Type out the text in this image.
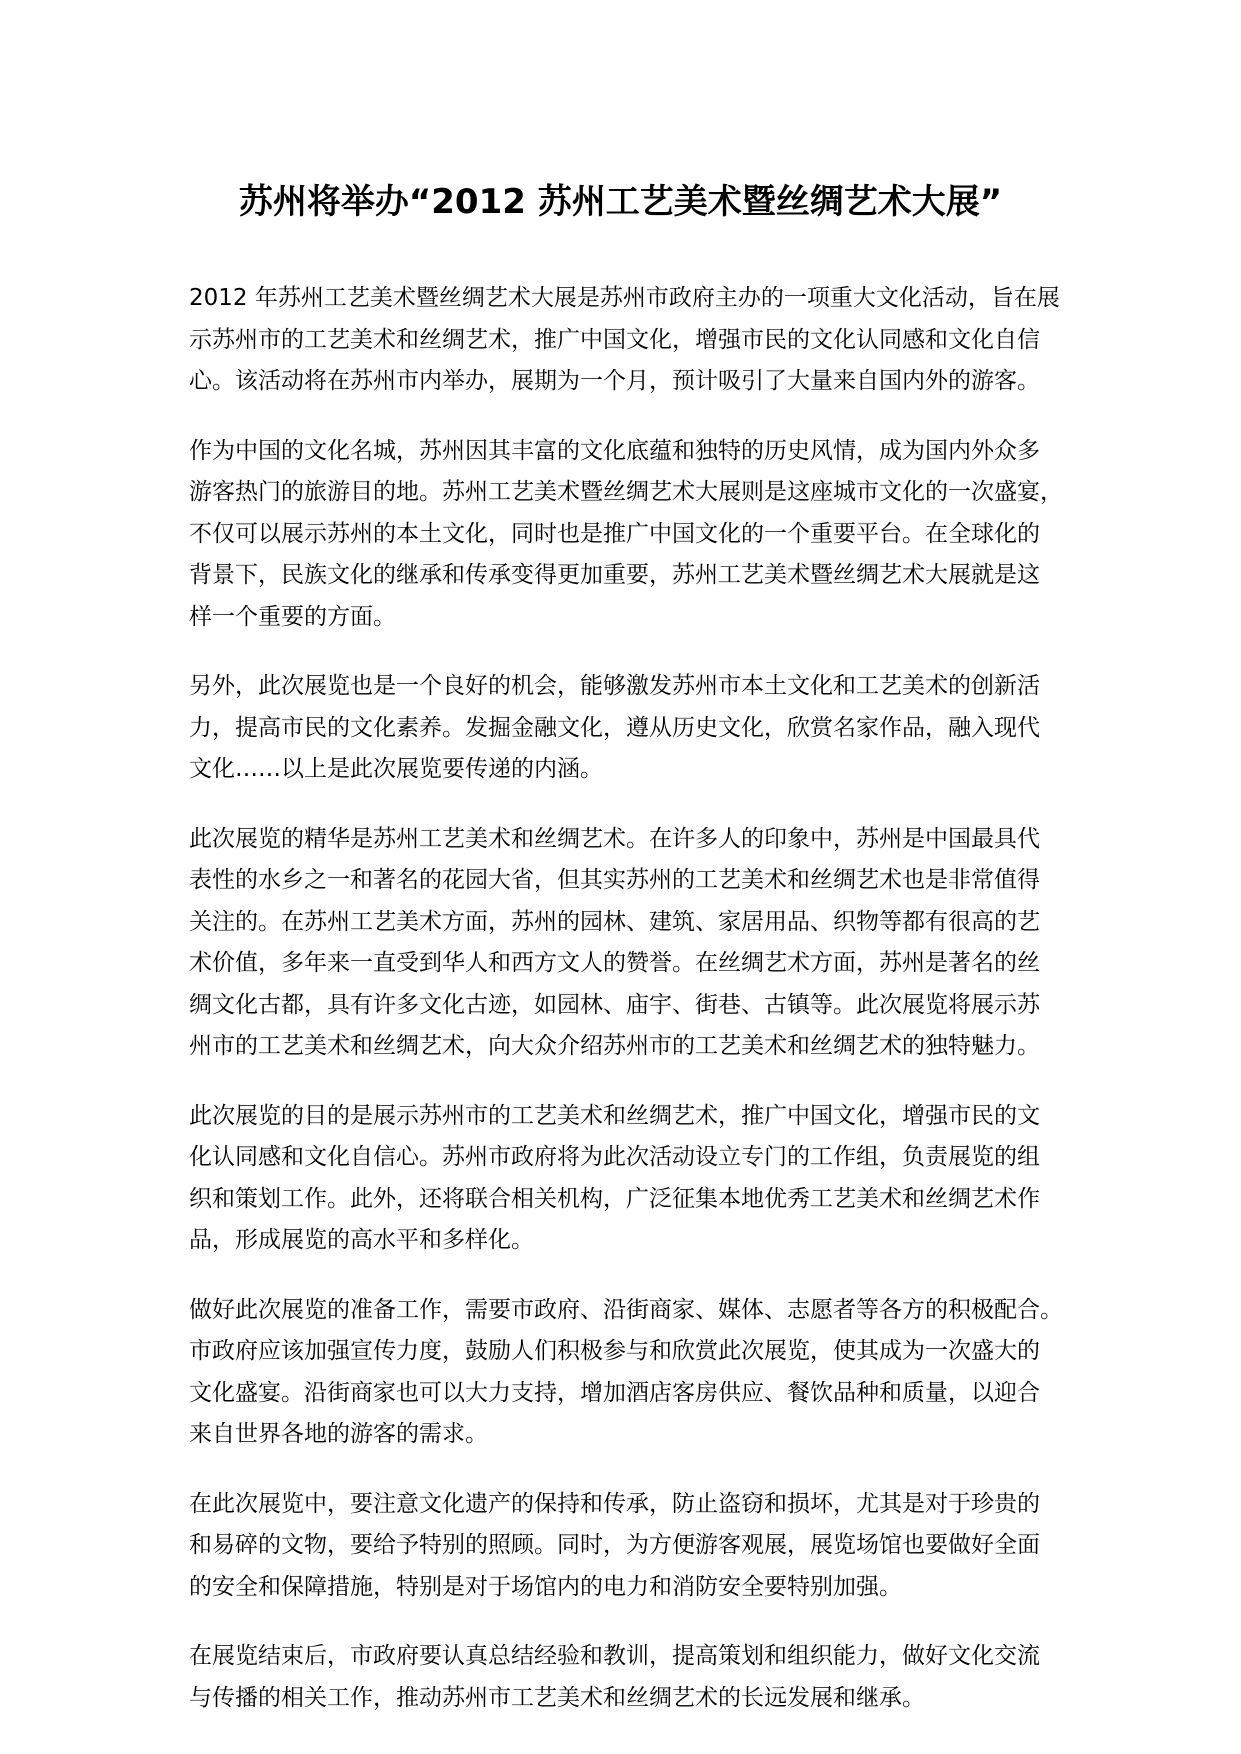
苏州将举办“2012 苏州工艺美术暨丝绸艺术大展”

2012 年苏州工艺美术暨丝绸艺术大展是苏州市政府主办的一项重大文化活动，旨在展
示苏州市的工艺美术和丝绸艺术，推广中国文化，增强市民的文化认同感和文化自信
心。该活动将在苏州市内举办，展期为一个月，预计吸引了大量来自国内外的游客。

作为中国的文化名城，苏州因其丰富的文化底蕴和独特的历史风情，成为国内外众多
游客热门的旅游目的地。苏州工艺美术暨丝绸艺术大展则是这座城市文化的一次盛宴，
不仅可以展示苏州的本土文化，同时也是推广中国文化的一个重要平台。在全球化的
背景下，民族文化的继承和传承变得更加重要，苏州工艺美术暨丝绸艺术大展就是这
样一个重要的方面。

另外，此次展览也是一个良好的机会，能够激发苏州市本土文化和工艺美术的创新活
力，提高市民的文化素养。发掘金融文化，遵从历史文化，欣赏名家作品，融入现代
文化……以上是此次展览要传递的内涵。

此次展览的精华是苏州工艺美术和丝绸艺术。在许多人的印象中，苏州是中国最具代
表性的水乡之一和著名的花园大省，但其实苏州的工艺美术和丝绸艺术也是非常值得
关注的。在苏州工艺美术方面，苏州的园林、建筑、家居用品、织物等都有很高的艺
术价值，多年来一直受到华人和西方文人的赞誉。在丝绸艺术方面，苏州是著名的丝
绸文化古都，具有许多文化古迹，如园林、庙宇、街巷、古镇等。此次展览将展示苏
州市的工艺美术和丝绸艺术，向大众介绍苏州市的工艺美术和丝绸艺术的独特魅力。

此次展览的目的是展示苏州市的工艺美术和丝绸艺术，推广中国文化，增强市民的文
化认同感和文化自信心。苏州市政府将为此次活动设立专门的工作组，负责展览的组
织和策划工作。此外，还将联合相关机构，广泛征集本地优秀工艺美术和丝绸艺术作
品，形成展览的高水平和多样化。

做好此次展览的准备工作，需要市政府、沿街商家、媒体、志愿者等各方的积极配合。
市政府应该加强宣传力度，鼓励人们积极参与和欣赏此次展览，使其成为一次盛大的
文化盛宴。沿街商家也可以大力支持，增加酒店客房供应、餐饮品种和质量，以迎合
来自世界各地的游客的需求。

在此次展览中，要注意文化遗产的保持和传承，防止盗窃和损坏，尤其是对于珍贵的
和易碎的文物，要给予特别的照顾。同时，为方便游客观展，展览场馆也要做好全面
的安全和保障措施，特别是对于场馆内的电力和消防安全要特别加强。

在展览结束后，市政府要认真总结经验和教训，提高策划和组织能力，做好文化交流
与传播的相关工作，推动苏州市工艺美术和丝绸艺术的长远发展和继承。
